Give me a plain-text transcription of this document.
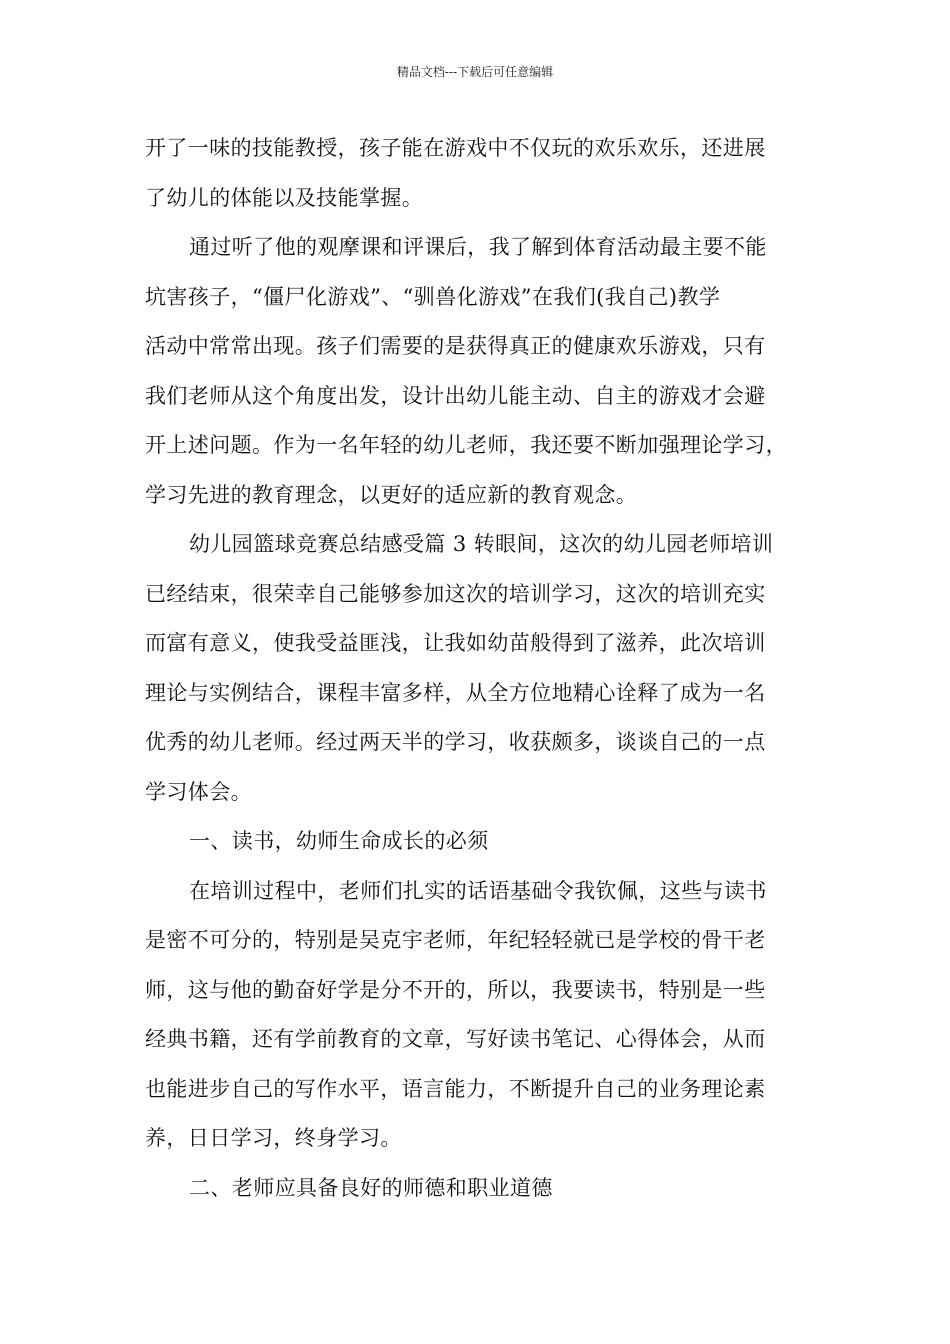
精品文档---下载后可任意编辑
开了一味的技能教授，孩子能在游戏中不仅玩的欢乐欢乐，还进展
了幼儿的体能以及技能掌握。
通过听了他的观摩课和评课后，我了解到体育活动最主要不能
坑害孩子，“僵尸化游戏”、“驯兽化游戏”在我们(我自己)教学
活动中常常出现。孩子们需要的是获得真正的健康欢乐游戏，只有
我们老师从这个角度出发，设计出幼儿能主动、自主的游戏才会避
开上述问题。作为一名年轻的幼儿老师，我还要不断加强理论学习，
学习先进的教育理念，以更好的适应新的教育观念。
幼儿园篮球竞赛总结感受篇 3 转眼间，这次的幼儿园老师培训
已经结束，很荣幸自己能够参加这次的培训学习，这次的培训充实
而富有意义，使我受益匪浅，让我如幼苗般得到了滋养，此次培训
理论与实例结合，课程丰富多样，从全方位地精心诠释了成为一名
优秀的幼儿老师。经过两天半的学习，收获颇多，谈谈自己的一点
学习体会。
一、读书，幼师生命成长的必须
在培训过程中，老师们扎实的话语基础令我钦佩，这些与读书
是密不可分的，特别是吴克宇老师，年纪轻轻就已是学校的骨干老
师，这与他的勤奋好学是分不开的，所以，我要读书，特别是一些
经典书籍，还有学前教育的文章，写好读书笔记、心得体会，从而
也能进步自己的写作水平，语言能力，不断提升自己的业务理论素
养，日日学习，终身学习。
二、老师应具备良好的师德和职业道德
